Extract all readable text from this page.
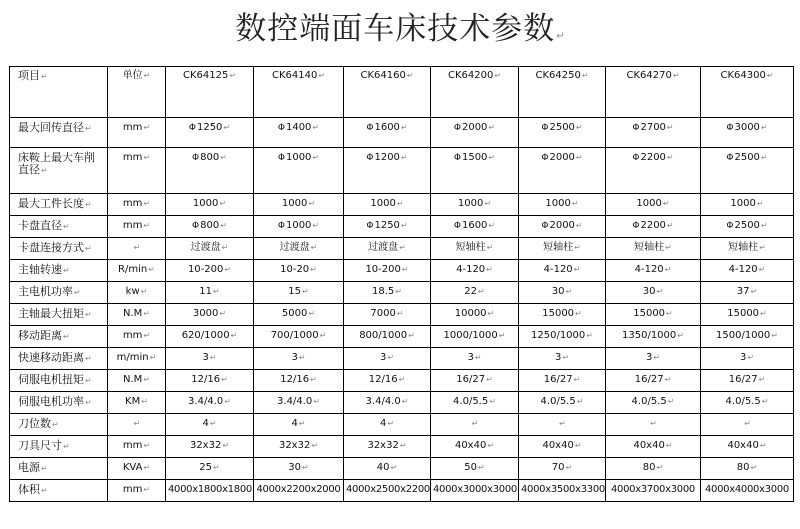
数控端面车床技术参数↵
项目↵	单位↵	CK64125↵	CK64140↵	CK64160↵	CK64200↵	CK64250↵	CK64270↵	CK64300↵
最大回传直径↵	mm↵	Φ1250↵	Φ1400↵	Φ1600↵	Φ2000↵	Φ2500↵	Φ2700↵	Φ3000↵
床鞍上最大车削直径↵	mm↵	Φ800↵	Φ1000↵	Φ1200↵	Φ1500↵	Φ2000↵	Φ2200↵	Φ2500↵
最大工件长度↵	mm↵	1000↵	1000↵	1000↵	1000↵	1000↵	1000↵	1000↵
卡盘直径↵	mm↵	Φ800↵	Φ1000↵	Φ1250↵	Φ1600↵	Φ2000↵	Φ2200↵	Φ2500↵
卡盘连接方式↵	↵	过渡盘↵	过渡盘↵	过渡盘↵	短轴柱↵	短轴柱↵	短轴柱↵	短轴柱↵
主轴转速↵	R/min↵	10-200↵	10-20↵	10-200↵	4-120↵	4-120↵	4-120↵	4-120↵
主电机功率↵	kw↵	11↵	15↵	18.5↵	22↵	30↵	30↵	37↵
主轴最大扭矩↵	N.M↵	3000↵	5000↵	7000↵	10000↵	15000↵	15000↵	15000↵
移动距离↵	mm↵	620/1000↵	700/1000↵	800/1000↵	1000/1000↵	1250/1000↵	1350/1000↵	1500/1000↵
快速移动距离↵	m/min↵	3↵	3↵	3↵	3↵	3↵	3↵	3↵
伺服电机扭矩↵	N.M↵	12/16↵	12/16↵	12/16↵	16/27↵	16/27↵	16/27↵	16/27↵
伺服电机功率↵	KM↵	3.4/4.0↵	3.4/4.0↵	3.4/4.0↵	4.0/5.5↵	4.0/5.5↵	4.0/5.5↵	4.0/5.5↵
刀位数↵	↵	4↵	4↵	4↵	↵	↵	↵	↵
刀具尺寸↵	mm↵	32x32↵	32x32↵	32x32↵	40x40↵	40x40↵	40x40↵	40x40↵
电源↵	KVA↵	25↵	30↵	40↵	50↵	70↵	80↵	80↵
体积↵	mm↵	4000x1800x1800	4000x2200x2000	4000x2500x2200	4000x3000x3000	4000x3500x3300	4000x3700x3000	4000x4000x3000
